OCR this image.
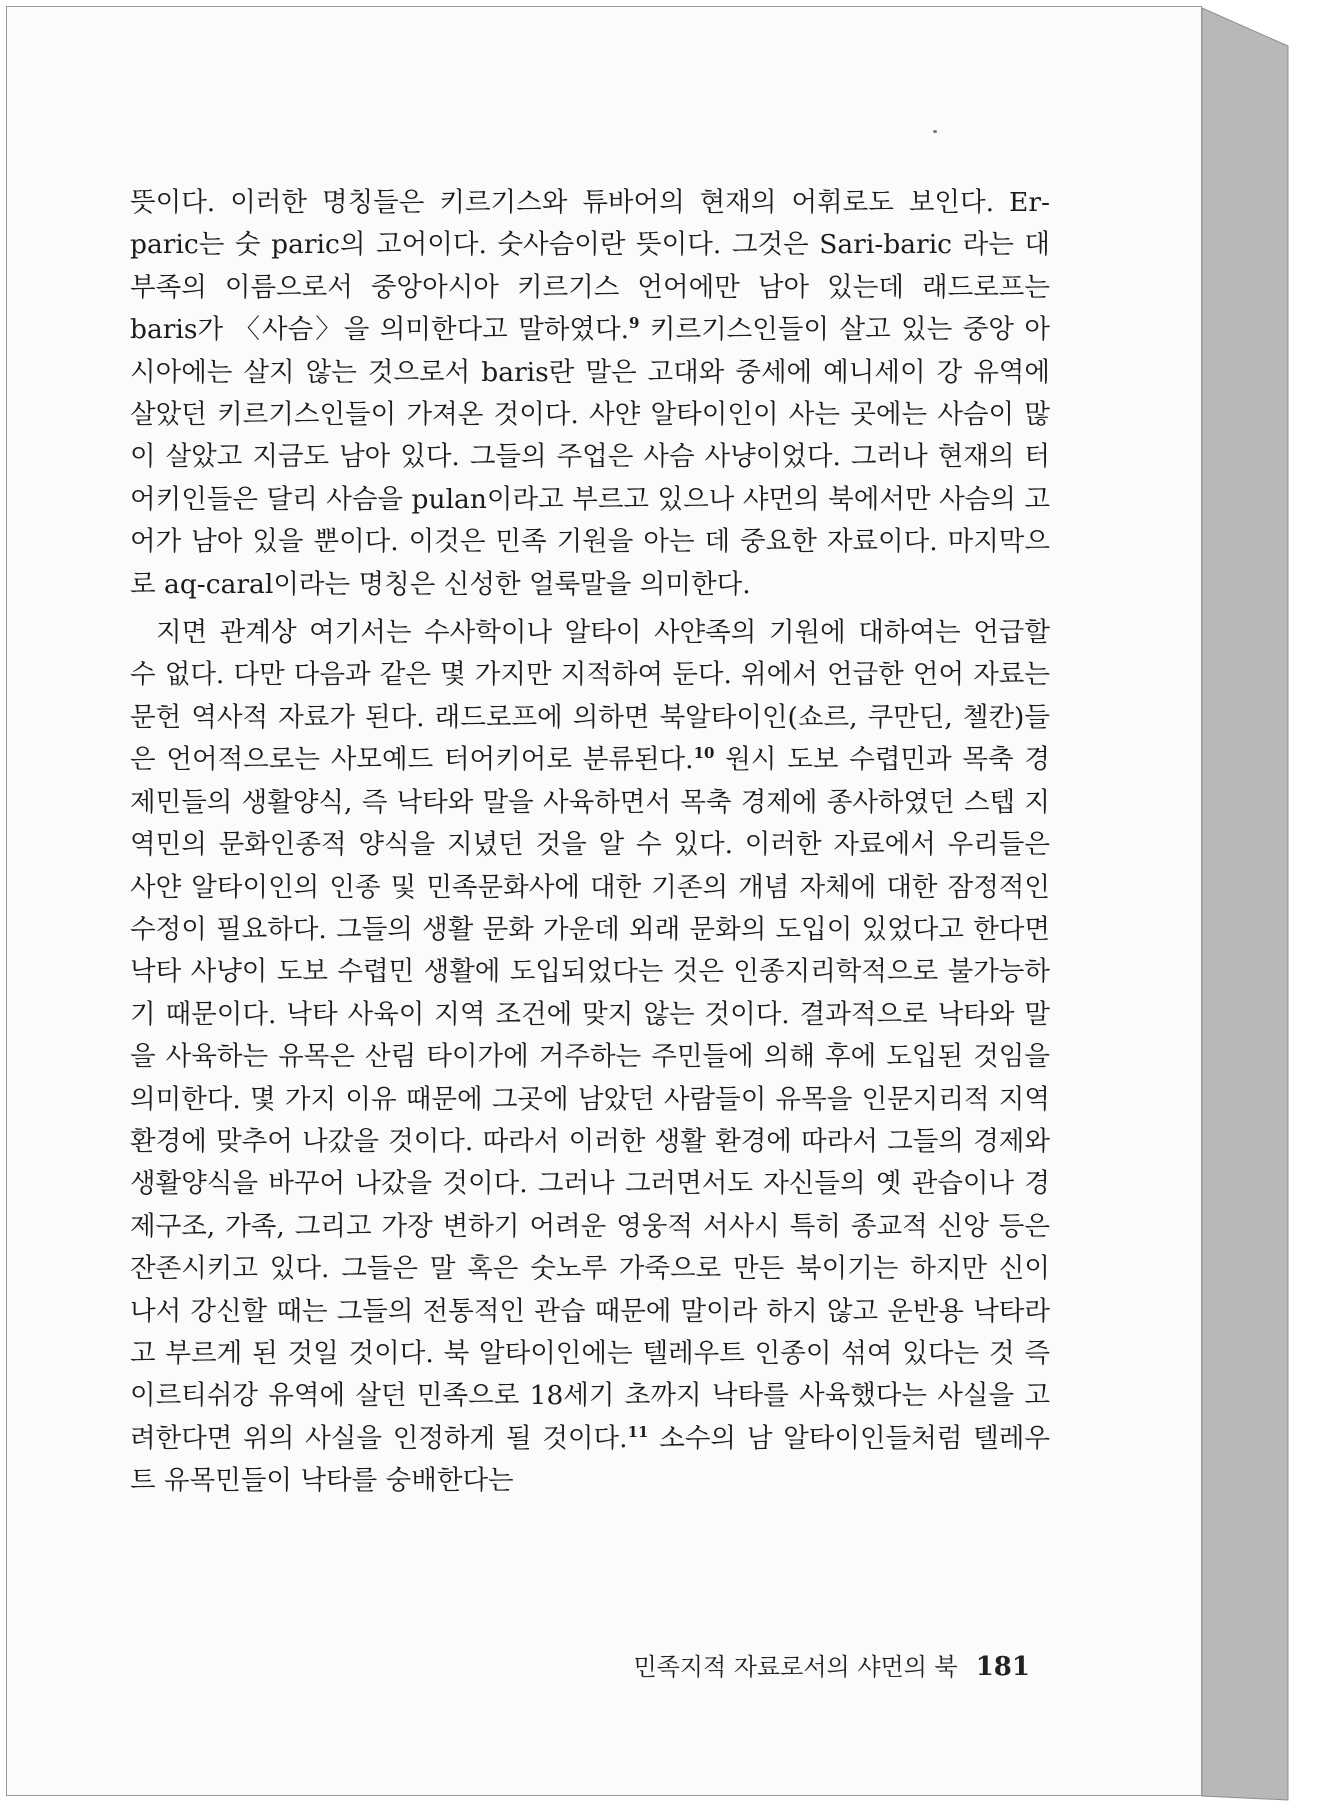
뜻이다. 이러한 명칭들은 키르기스와 튜바어의 현재의 어휘로도 보인다. Er-paric는 숫 paric의 고어이다. 숫사슴이란 뜻이다. 그것은 Sari-baric 라는 대부족의 이름으로서 중앙아시아 키르기스 언어에만 남아 있는데 래드로프는 baris가 〈사슴〉을 의미한다고 말하였다.$^9$ 키르기스인들이 살고 있는 중앙 아시아에는 살지 않는 것으로서 baris란 말은 고대와 중세에 예니세이 강 유역에 살았던 키르기스인들이 가져온 것이다. 사얀 알타이인이 사는 곳에는 사슴이 많이 살았고 지금도 남아 있다. 그들의 주업은 사슴 사냥이었다. 그러나 현재의 터어키인들은 달리 사슴을 pulan이라고 부르고 있으나 샤먼의 북에서만 사슴의 고어가 남아 있을 뿐이다. 이것은 민족 기원을 아는 데 중요한 자료이다. 마지막으로 aq-caral이라는 명칭은 신성한 얼룩말을 의미한다.

지면 관계상 여기서는 수사학이나 알타이 사얀족의 기원에 대하여는 언급할 수 없다. 다만 다음과 같은 몇 가지만 지적하여 둔다. 위에서 언급한 언어 자료는 문헌 역사적 자료가 된다. 래드로프에 의하면 북알타이인(쇼르, 쿠만딘, 첼칸)들은 언어적으로는 사모예드 터어키어로 분류된다.$^{10}$ 원시 도보 수렵민과 목축 경제민들의 생활양식, 즉 낙타와 말을 사육하면서 목축 경제에 종사하였던 스텝 지역민의 문화인종적 양식을 지녔던 것을 알 수 있다. 이러한 자료에서 우리들은 사얀 알타이인의 인종 및 민족문화사에 대한 기존의 개념 자체에 대한 잠정적인 수정이 필요하다. 그들의 생활 문화 가운데 외래 문화의 도입이 있었다고 한다면 낙타 사냥이 도보 수렵민 생활에 도입되었다는 것은 인종지리학적으로 불가능하기 때문이다. 낙타 사육이 지역 조건에 맞지 않는 것이다. 결과적으로 낙타와 말을 사육하는 유목은 산림 타이가에 거주하는 주민들에 의해 후에 도입된 것임을 의미한다. 몇 가지 이유 때문에 그곳에 남았던 사람들이 유목을 인문지리적 지역 환경에 맞추어 나갔을 것이다. 따라서 이러한 생활 환경에 따라서 그들의 경제와 생활양식을 바꾸어 나갔을 것이다. 그러나 그러면서도 자신들의 옛 관습이나 경제구조, 가족, 그리고 가장 변하기 어려운 영웅적 서사시 특히 종교적 신앙 등은 잔존시키고 있다. 그들은 말 혹은 숫노루 가죽으로 만든 북이기는 하지만 신이 나서 강신할 때는 그들의 전통적인 관습 때문에 말이라 하지 않고 운반용 낙타라고 부르게 된 것일 것이다. 북 알타이인에는 텔레우트 인종이 섞여 있다는 것 즉 이르티쉬강 유역에 살던 민족으로 18세기 초까지 낙타를 사육했다는 사실을 고려한다면 위의 사실을 인정하게 될 것이다.$^{11}$ 소수의 남 알타이인들처럼 텔레우트 유목민들이 낙타를 숭배한다는

민족지적 자료로서의 샤먼의 북 181
